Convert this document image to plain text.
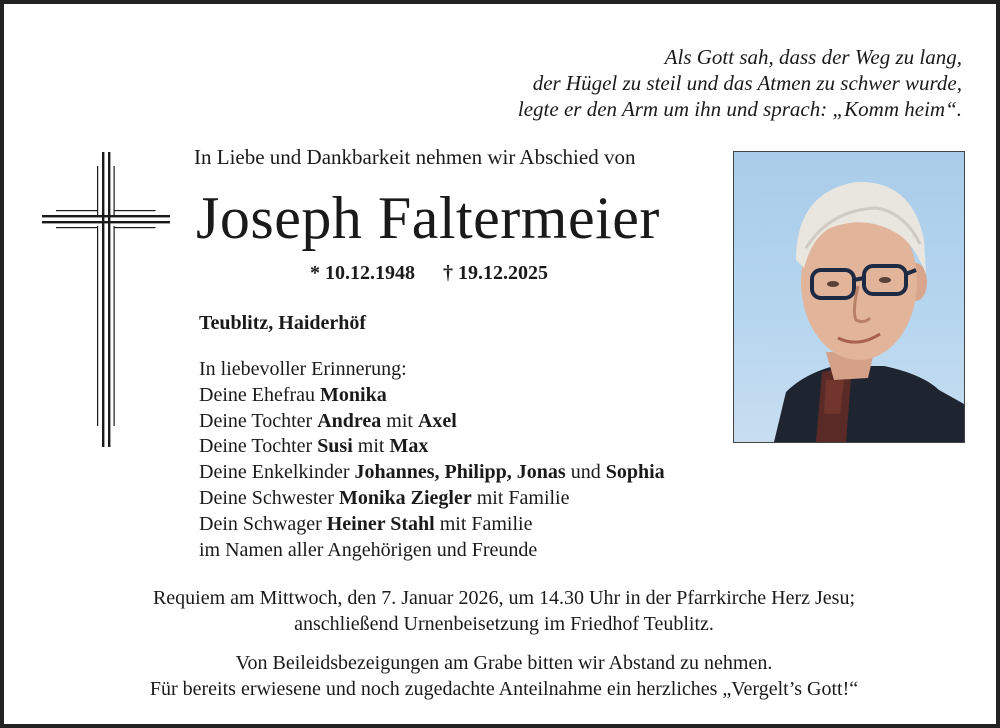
Als Gott sah, dass der Weg zu lang,
der Hügel zu steil und das Atmen zu schwer wurde,
legte er den Arm um ihn und sprach: „Komm heim“.
In Liebe und Dankbarkeit nehmen wir Abschied von
Joseph Faltermeier
* 10.12.1948 † 19.12.2025
Teublitz, Haiderhöf
In liebevoller Erinnerung:
Deine Ehefrau Monika
Deine Tochter Andrea mit Axel
Deine Tochter Susi mit Max
Deine Enkelkinder Johannes, Philipp, Jonas und Sophia
Deine Schwester Monika Ziegler mit Familie
Dein Schwager Heiner Stahl mit Familie
im Namen aller Angehörigen und Freunde
Requiem am Mittwoch, den 7. Januar 2026, um 14.30 Uhr in der Pfarrkirche Herz Jesu;
anschließend Urnenbeisetzung im Friedhof Teublitz.
Von Beileidsbezeigungen am Grabe bitten wir Abstand zu nehmen.
Für bereits erwiesene und noch zugedachte Anteilnahme ein herzliches „Vergelt’s Gott!“
